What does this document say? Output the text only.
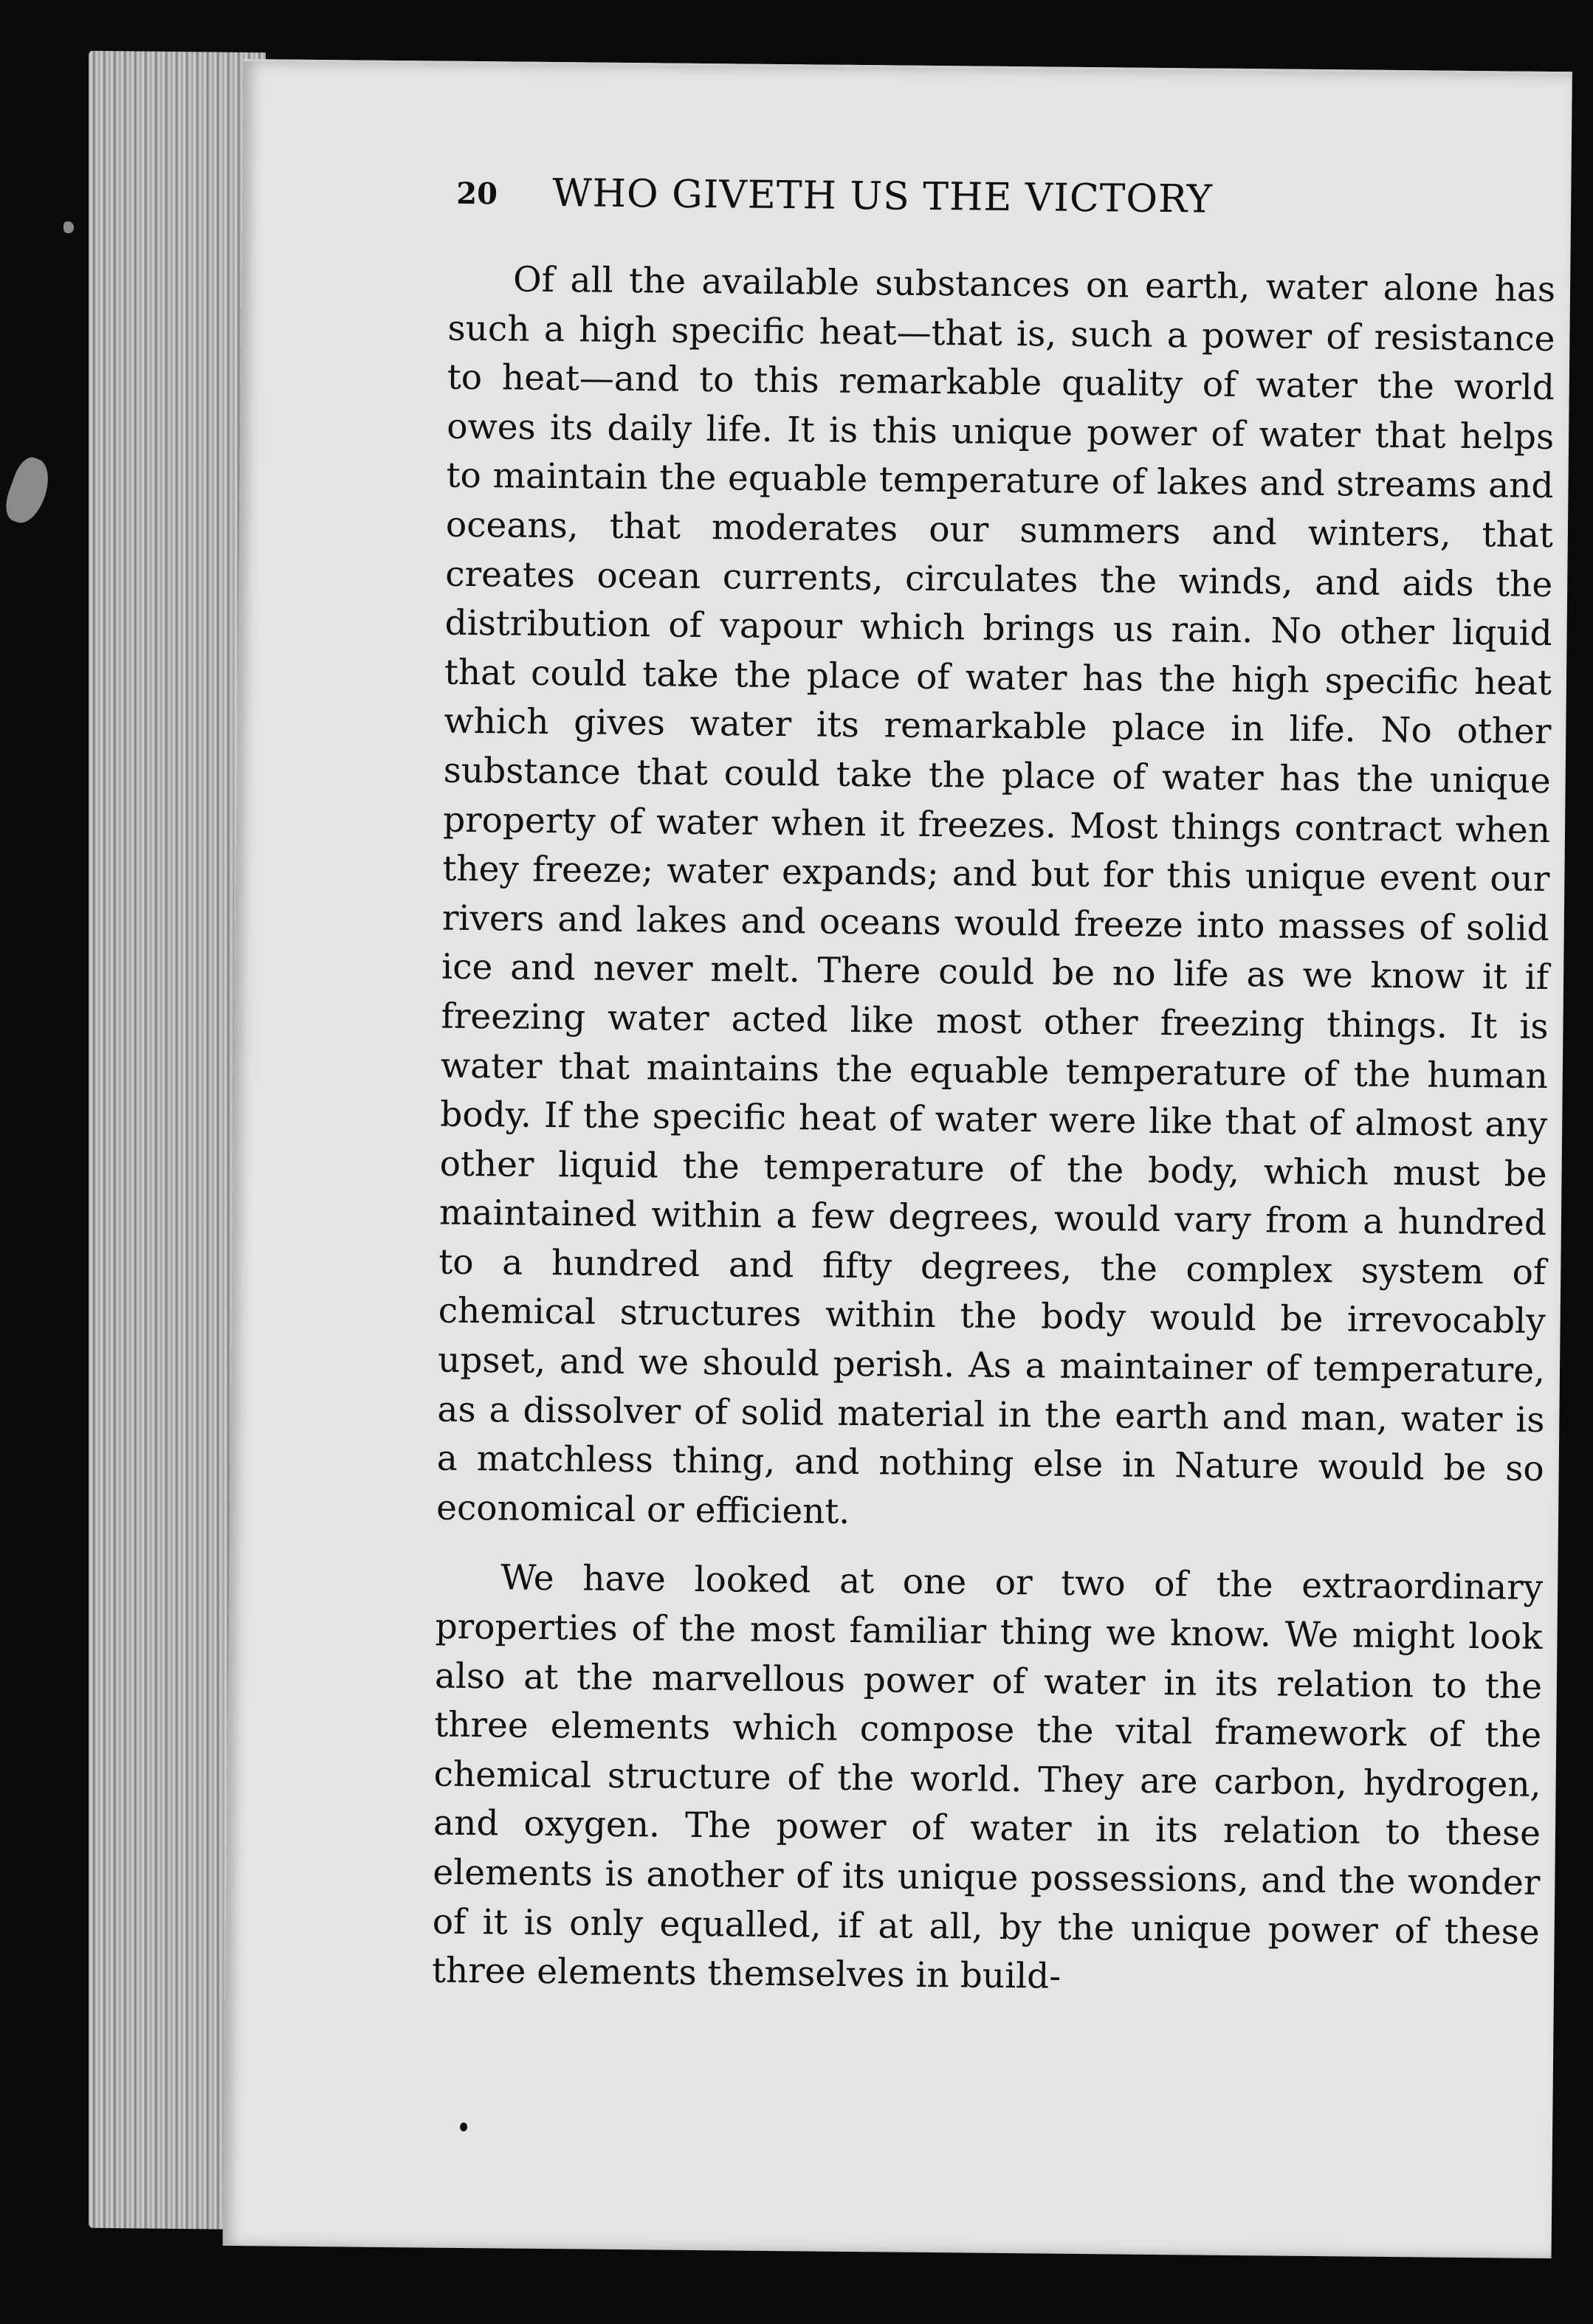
20 WHO GIVETH US THE VICTORY

Of all the available substances on earth, water alone has such a high specific heat—that is, such a power of resistance to heat—and to this remarkable quality of water the world owes its daily life. It is this unique power of water that helps to maintain the equable temperature of lakes and streams and oceans, that moderates our summers and winters, that creates ocean currents, circulates the winds, and aids the distribution of vapour which brings us rain. No other liquid that could take the place of water has the high specific heat which gives water its remarkable place in life. No other substance that could take the place of water has the unique property of water when it freezes. Most things contract when they freeze; water expands; and but for this unique event our rivers and lakes and oceans would freeze into masses of solid ice and never melt. There could be no life as we know it if freezing water acted like most other freezing things. It is water that maintains the equable temperature of the human body. If the specific heat of water were like that of almost any other liquid the temperature of the body, which must be maintained within a few degrees, would vary from a hundred to a hundred and fifty degrees, the complex system of chemical structures within the body would be irrevocably upset, and we should perish. As a maintainer of temperature, as a dissolver of solid material in the earth and man, water is a matchless thing, and nothing else in Nature would be so economical or efficient.

We have looked at one or two of the extraordinary properties of the most familiar thing we know. We might look also at the marvellous power of water in its relation to the three elements which compose the vital framework of the chemical structure of the world. They are carbon, hydrogen, and oxygen. The power of water in its relation to these elements is another of its unique possessions, and the wonder of it is only equalled, if at all, by the unique power of these three elements themselves in build-
